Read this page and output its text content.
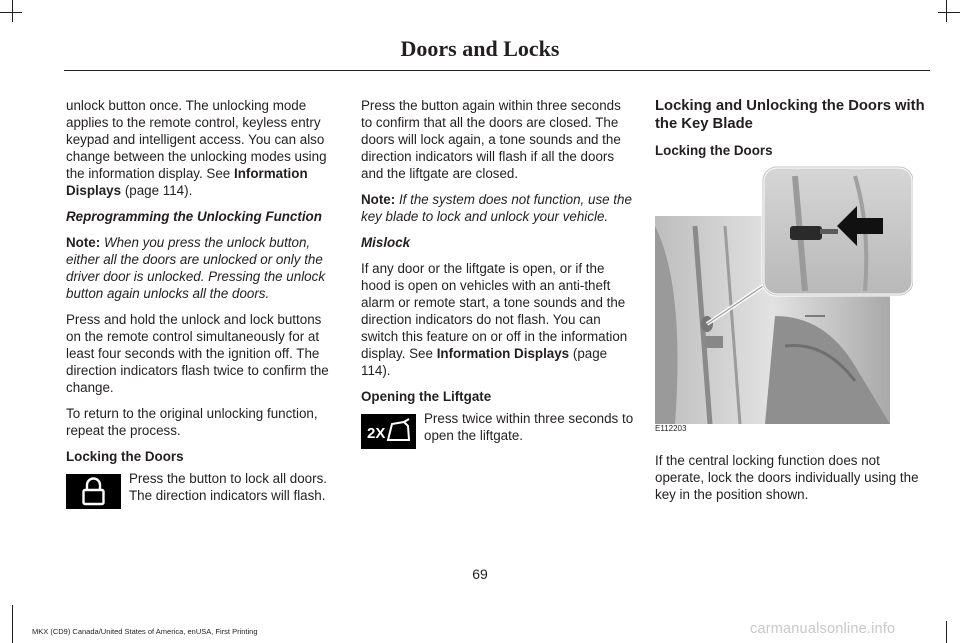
Doors and Locks

unlock button once. The unlocking mode applies to the remote control, keyless entry keypad and intelligent access. You can also change between the unlocking modes using the information display. See Information Displays (page 114).

Reprogramming the Unlocking Function

Note: When you press the unlock button, either all the doors are unlocked or only the driver door is unlocked. Pressing the unlock button again unlocks all the doors.

Press and hold the unlock and lock buttons on the remote control simultaneously for at least four seconds with the ignition off. The direction indicators flash twice to confirm the change.

To return to the original unlocking function, repeat the process.

Locking the Doors

Press the button to lock all doors. The direction indicators will flash.

Press the button again within three seconds to confirm that all the doors are closed. The doors will lock again, a tone sounds and the direction indicators will flash if all the doors and the liftgate are closed.

Note: If the system does not function, use the key blade to lock and unlock your vehicle.

Mislock

If any door or the liftgate is open, or if the hood is open on vehicles with an anti-theft alarm or remote start, a tone sounds and the direction indicators do not flash. You can switch this feature on or off in the information display. See Information Displays (page 114).

Opening the Liftgate

2X
Press twice within three seconds to open the liftgate.

Locking and Unlocking the Doors with the Key Blade

Locking the Doors

E112203

If the central locking function does not operate, lock the doors individually using the key in the position shown.

69
MKX (CD9) Canada/United States of America, enUSA, First Printing	carmanualsonline.info
